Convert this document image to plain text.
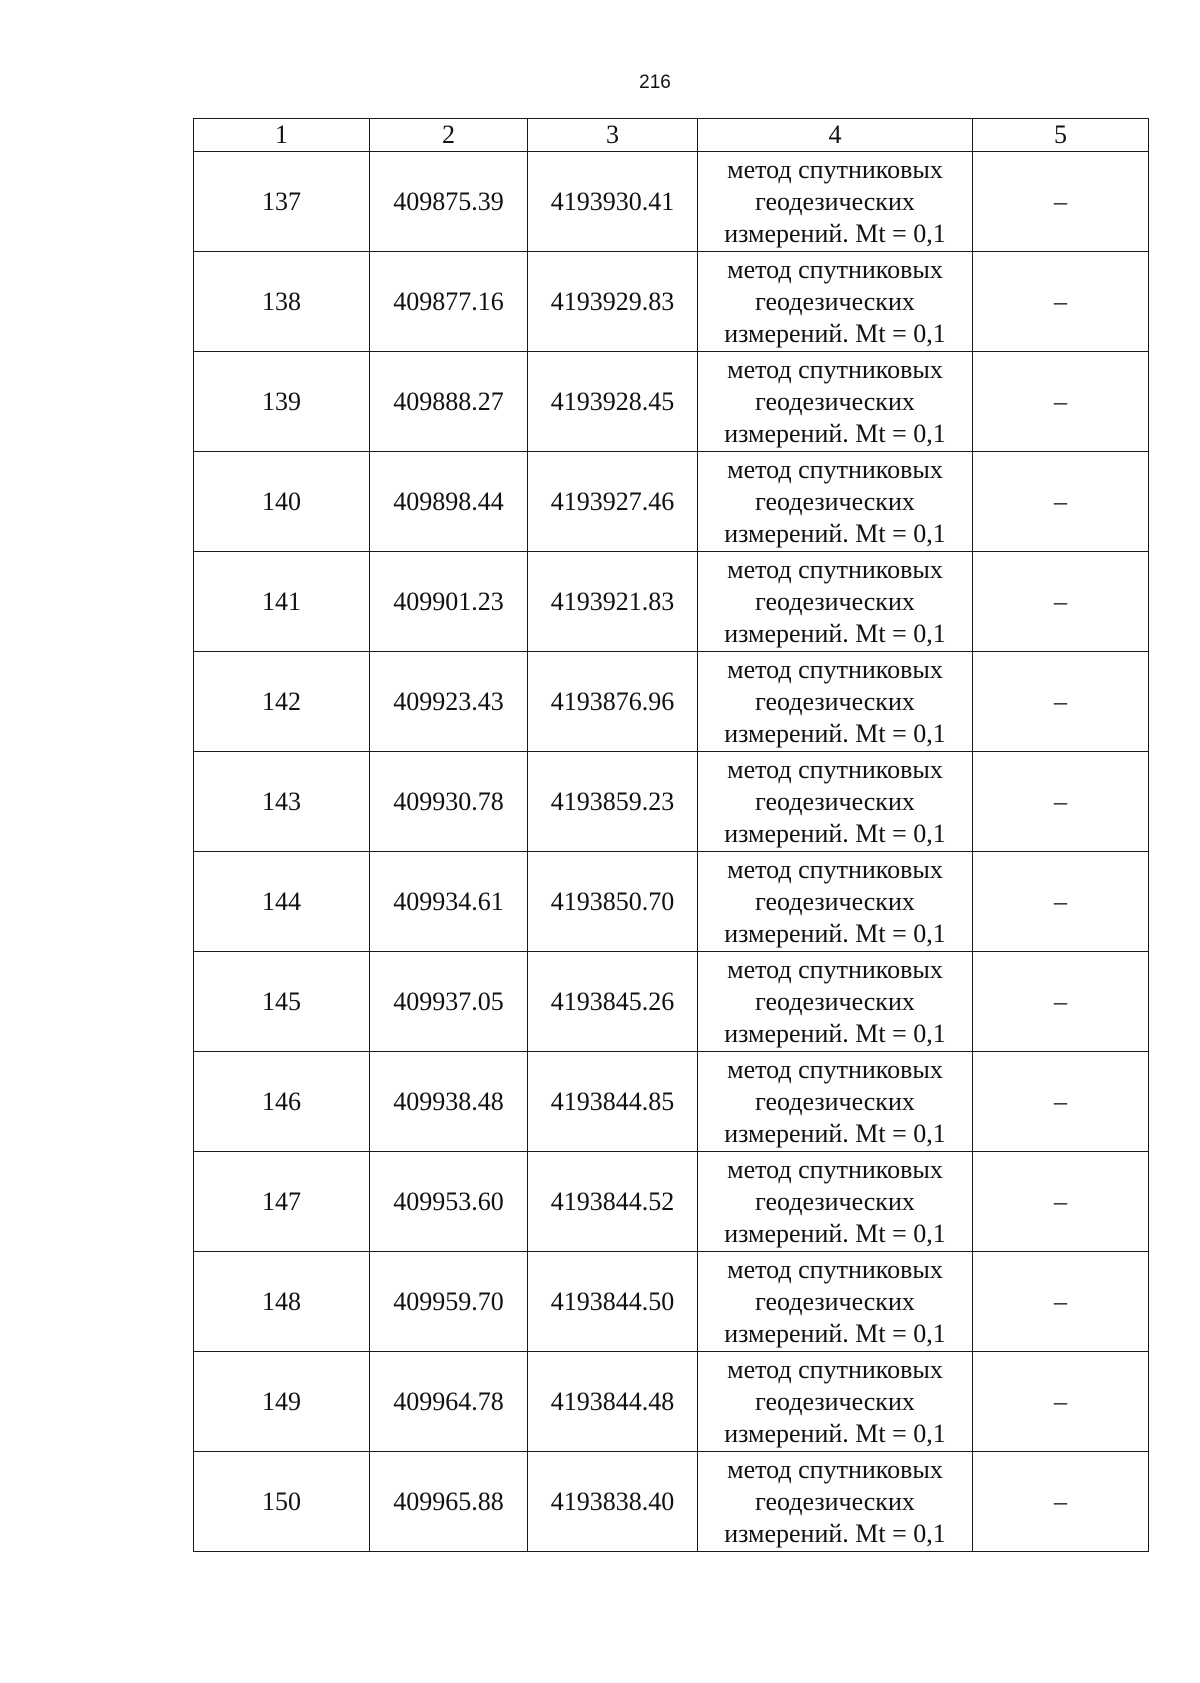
216
1	2	3	4	5
137	409875.39	4193930.41	метод спутниковых
геодезических
измерений. Mt = 0,1	–
138	409877.16	4193929.83	метод спутниковых
геодезических
измерений. Mt = 0,1	–
139	409888.27	4193928.45	метод спутниковых
геодезических
измерений. Mt = 0,1	–
140	409898.44	4193927.46	метод спутниковых
геодезических
измерений. Mt = 0,1	–
141	409901.23	4193921.83	метод спутниковых
геодезических
измерений. Mt = 0,1	–
142	409923.43	4193876.96	метод спутниковых
геодезических
измерений. Mt = 0,1	–
143	409930.78	4193859.23	метод спутниковых
геодезических
измерений. Mt = 0,1	–
144	409934.61	4193850.70	метод спутниковых
геодезических
измерений. Mt = 0,1	–
145	409937.05	4193845.26	метод спутниковых
геодезических
измерений. Mt = 0,1	–
146	409938.48	4193844.85	метод спутниковых
геодезических
измерений. Mt = 0,1	–
147	409953.60	4193844.52	метод спутниковых
геодезических
измерений. Mt = 0,1	–
148	409959.70	4193844.50	метод спутниковых
геодезических
измерений. Mt = 0,1	–
149	409964.78	4193844.48	метод спутниковых
геодезических
измерений. Mt = 0,1	–
150	409965.88	4193838.40	метод спутниковых
геодезических
измерений. Mt = 0,1	–
